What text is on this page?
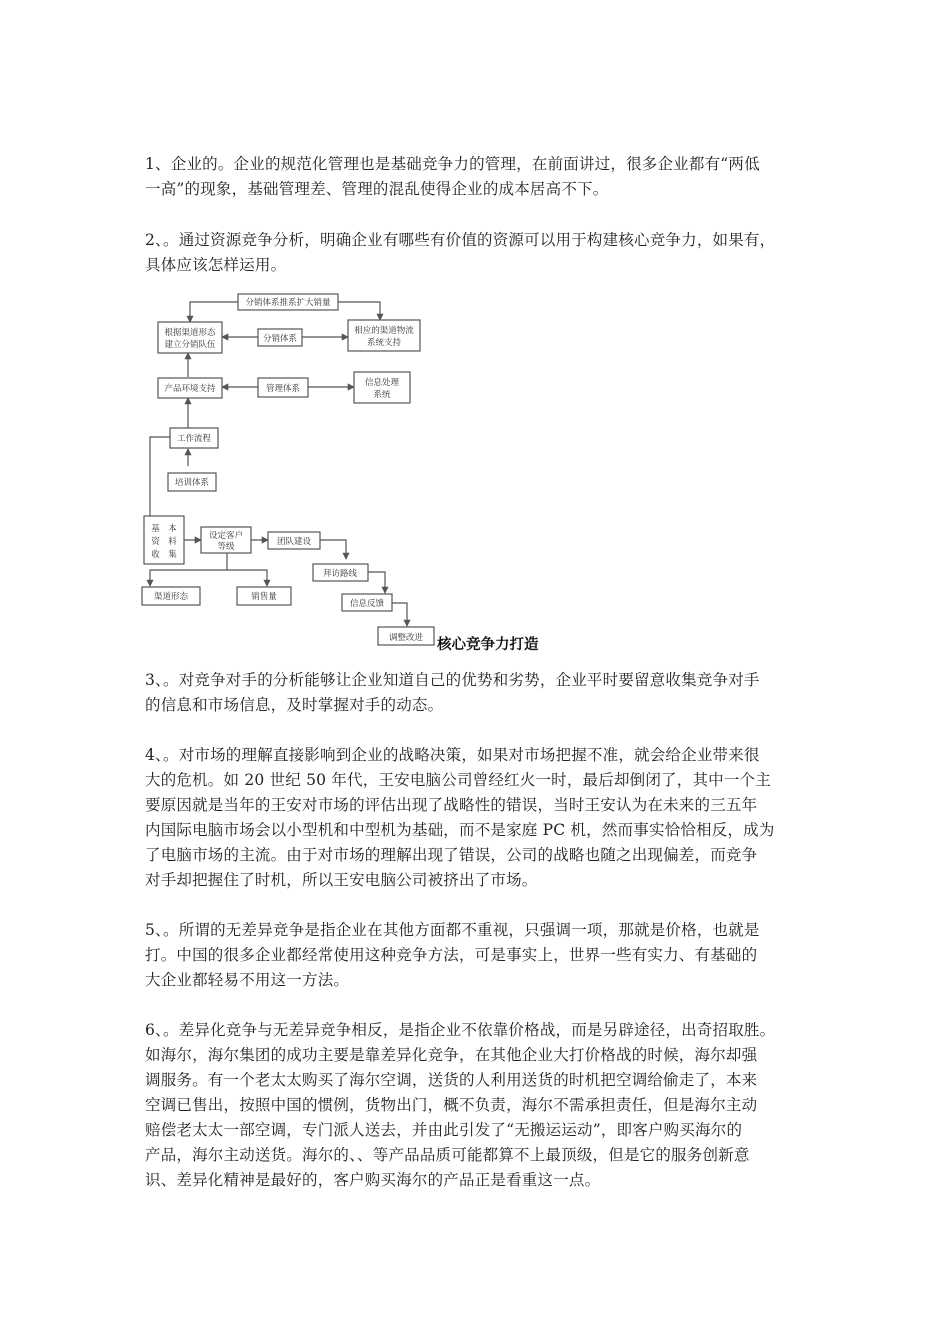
1、企业的。企业的规范化管理也是基础竞争力的管理，在前面讲过，很多企业都有“两低
一高”的现象，基础管理差、管理的混乱使得企业的成本居高不下。

2、。通过资源竞争分析，明确企业有哪些有价值的资源可以用于构建核心竞争力，如果有，
具体应该怎样运用。

分销体系推系扩大销量
根据渠道形态
建立分销队伍
分销体系
相应的渠道物流
系统支持
产品环境支持	管理体系
信息处理
系统
工作流程
培训体系
基　本
资　料
收　集
设定客户
等级	团队建设
拜访路线
信息反馈
调整改进
渠道形态	销售量
核心竞争力打造

3、。对竞争对手的分析能够让企业知道自己的优势和劣势，企业平时要留意收集竞争对手
的信息和市场信息，及时掌握对手的动态。

4、。对市场的理解直接影响到企业的战略决策，如果对市场把握不准，就会给企业带来很
大的危机。如 20 世纪 50 年代，王安电脑公司曾经红火一时，最后却倒闭了，其中一个主
要原因就是当年的王安对市场的评估出现了战略性的错误，当时王安认为在未来的三五年
内国际电脑市场会以小型机和中型机为基础，而不是家庭 PC 机，然而事实恰恰相反，成为
了电脑市场的主流。由于对市场的理解出现了错误，公司的战略也随之出现偏差，而竞争
对手却把握住了时机，所以王安电脑公司被挤出了市场。

5、。所谓的无差异竞争是指企业在其他方面都不重视，只强调一项，那就是价格，也就是
打。中国的很多企业都经常使用这种竞争方法，可是事实上，世界一些有实力、有基础的
大企业都轻易不用这一方法。

6、。差异化竞争与无差异竞争相反，是指企业不依靠价格战，而是另辟途径，出奇招取胜。
如海尔，海尔集团的成功主要是靠差异化竞争，在其他企业大打价格战的时候，海尔却强
调服务。有一个老太太购买了海尔空调，送货的人利用送货的时机把空调给偷走了，本来
空调已售出，按照中国的惯例，货物出门，概不负责，海尔不需承担责任，但是海尔主动
赔偿老太太一部空调，专门派人送去，并由此引发了“无搬运运动”，即客户购买海尔的
产品，海尔主动送货。海尔的、、等产品品质可能都算不上最顶级，但是它的服务创新意
识、差异化精神是最好的，客户购买海尔的产品正是看重这一点。
